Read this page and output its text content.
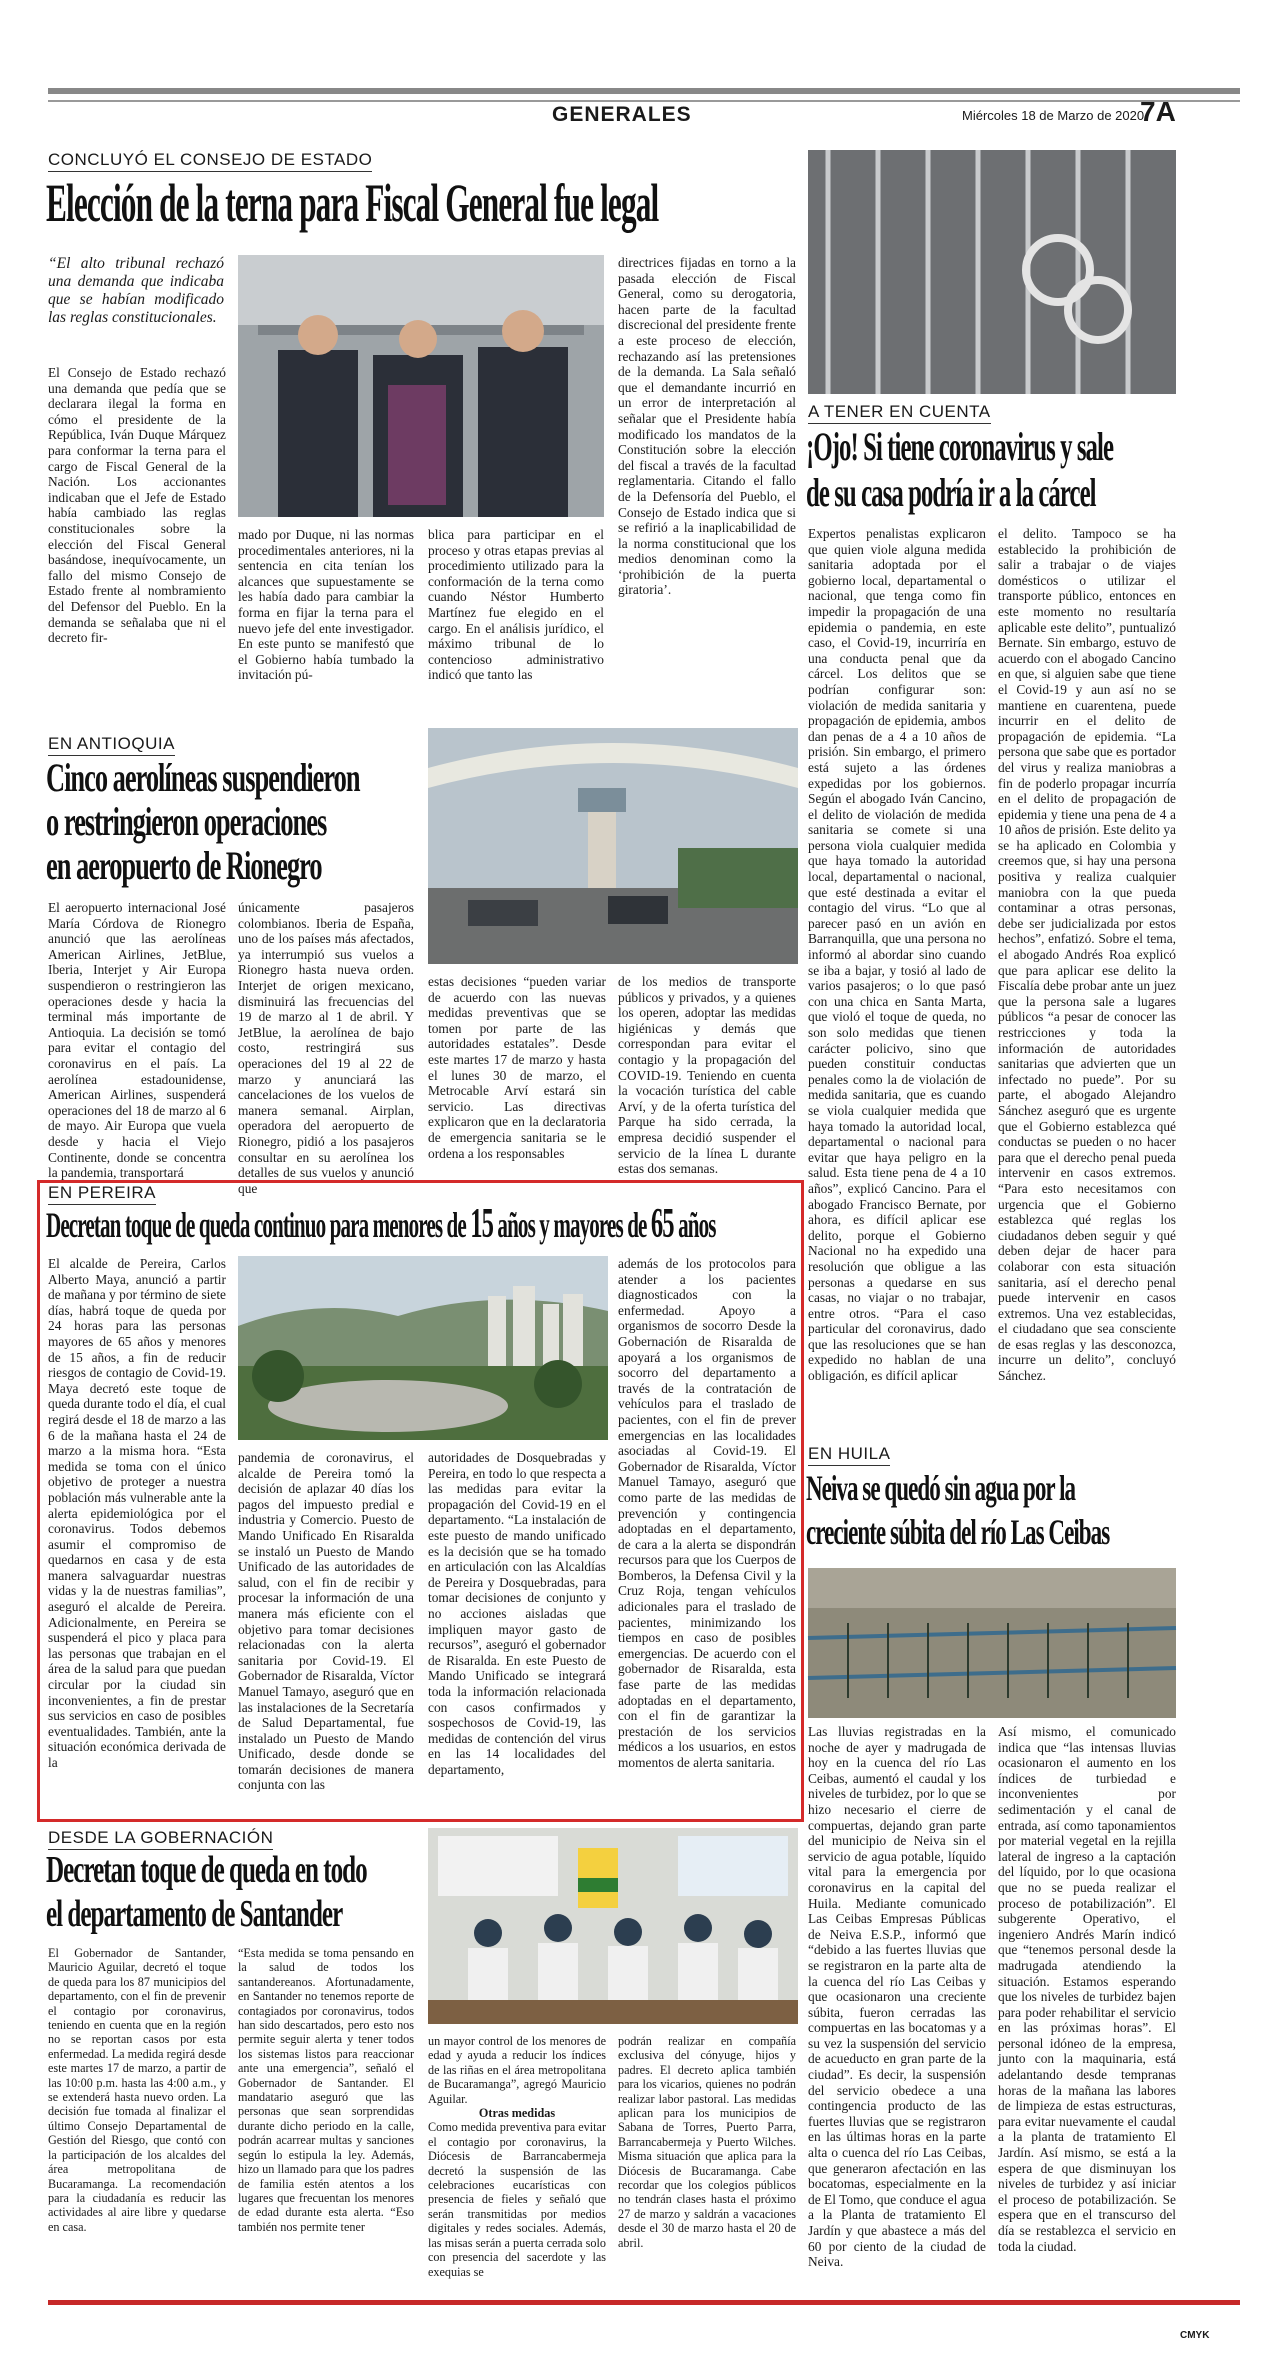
GENERALES	Miércoles 18 de Marzo de 2020
7A
CONCLUYÓ EL CONSEJO DE ESTADO
Elección de la terna para Fiscal General fue legal
“El alto tribunal rechazó una demanda que indicaba que se habían modificado las reglas constitucionales.
El Consejo de Estado rechazó una demanda que pedía que se declarara ilegal la forma en cómo el presidente de la República, Iván Duque Márquez para conformar la terna para el cargo de Fiscal General de la Nación. Los accionantes indicaban que el Jefe de Estado había cambiado las reglas constitucionales sobre la elección del Fiscal General basándose, inequívocamente, un fallo del mismo Consejo de Estado frente al nombramiento del Defensor del Pueblo. En la demanda se señalaba que ni el decreto fir-
mado por Duque, ni las normas procedimentales anteriores, ni la sentencia en cita tenían los alcances que supuestamente se les había dado para cambiar la forma en fijar la terna para el nuevo jefe del ente investigador. En este punto se manifestó que el Gobierno había tumbado la invitación pú-
blica para participar en el proceso y otras etapas previas al procedimiento utilizado para la conformación de la terna como cuando Néstor Humberto Martínez fue elegido en el cargo. En el análisis jurídico, el máximo tribunal de lo contencioso administrativo indicó que tanto las
directrices fijadas en torno a la pasada elección de Fiscal General, como su derogatoria, hacen parte de la facultad discrecional del presidente frente a este proceso de elección, rechazando así las pretensiones de la demanda. La Sala señaló que el demandante incurrió en un error de interpretación al señalar que el Presidente había modificado los mandatos de la Constitución sobre la elección del fiscal a través de la facultad reglamentaria. Citando el fallo de la Defensoría del Pueblo, el Consejo de Estado indica que si se refirió a la inaplicabilidad de la norma constitucional que los medios denominan como la ‘prohibición de la puerta giratoria’.
EN ANTIOQUIA
Cinco aerolíneas suspendieron
o restringieron operaciones
en aeropuerto de Rionegro
El aeropuerto internacional José María Córdova de Rionegro anunció que las aerolíneas American Airlines, JetBlue, Iberia, Interjet y Air Europa suspendieron o restringieron las operaciones desde y hacia la terminal más importante de Antioquia. La decisión se tomó para evitar el contagio del coronavirus en el país. La aerolínea estadounidense, American Airlines, suspenderá operaciones del 18 de marzo al 6 de mayo. Air Europa que vuela desde y hacia el Viejo Continente, donde se concentra la pandemia, transportará
únicamente pasajeros colombianos. Iberia de España, uno de los países más afectados, ya interrumpió sus vuelos a Rionegro hasta nueva orden. Interjet de origen mexicano, disminuirá las frecuencias del 19 de marzo al 1 de abril. Y JetBlue, la aerolínea de bajo costo, restringirá sus operaciones del 19 al 22 de marzo y anunciará las cancelaciones de los vuelos de manera semanal. Airplan, operadora del aeropuerto de Rionegro, pidió a los pasajeros consultar en su aerolínea los detalles de sus vuelos y anunció que
estas decisiones “pueden variar de acuerdo con las nuevas medidas preventivas que se tomen por parte de las autoridades estatales”. Desde este martes 17 de marzo y hasta el lunes 30 de marzo, el Metrocable Arví estará sin servicio. Las directivas explicaron que en la declaratoria de emergencia sanitaria se le ordena a los responsables
de los medios de transporte públicos y privados, y a quienes los operen, adoptar las medidas higiénicas y demás que correspondan para evitar el contagio y la propagación del COVID-19. Teniendo en cuenta la vocación turística del cable Arví, y de la oferta turística del Parque ha sido cerrada, la empresa decidió suspender el servicio de la línea L durante estas dos semanas.
EN PEREIRA
Decretan toque de queda continuo para menores de 15 años y mayores de 65 años
El alcalde de Pereira, Carlos Alberto Maya, anunció a partir de mañana y por término de siete días, habrá toque de queda por 24 horas para las personas mayores de 65 años y menores de 15 años, a fin de reducir riesgos de contagio de Covid-19. Maya decretó este toque de queda durante todo el día, el cual regirá desde el 18 de marzo a las 6 de la mañana hasta el 24 de marzo a la misma hora. “Esta medida se toma con el único objetivo de proteger a nuestra población más vulnerable ante la alerta epidemiológica por el coronavirus. Todos debemos asumir el compromiso de quedarnos en casa y de esta manera salvaguardar nuestras vidas y la de nuestras familias”, aseguró el alcalde de Pereira. Adicionalmente, en Pereira se suspenderá el pico y placa para las personas que trabajan en el área de la salud para que puedan circular por la ciudad sin inconvenientes, a fin de prestar sus servicios en caso de posibles eventualidades. También, ante la situación económica derivada de la
pandemia de coronavirus, el alcalde de Pereira tomó la decisión de aplazar 40 días los pagos del impuesto predial e industria y Comercio. Puesto de Mando Unificado En Risaralda se instaló un Puesto de Mando Unificado de las autoridades de salud, con el fin de recibir y procesar la información de una manera más eficiente con el objetivo para tomar decisiones relacionadas con la alerta sanitaria por Covid-19. El Gobernador de Risaralda, Víctor Manuel Tamayo, aseguró que en las instalaciones de la Secretaría de Salud Departamental, fue instalado un Puesto de Mando Unificado, desde donde se tomarán decisiones de manera conjunta con las
autoridades de Dosquebradas y Pereira, en todo lo que respecta a las medidas para evitar la propagación del Covid-19 en el departamento. “La instalación de este puesto de mando unificado es la decisión que se ha tomado en articulación con las Alcaldías de Pereira y Dosquebradas, para tomar decisiones de conjunto y no acciones aisladas que impliquen mayor gasto de recursos”, aseguró el gobernador de Risaralda. En este Puesto de Mando Unificado se integrará toda la información relacionada con casos confirmados y sospechosos de Covid-19, las medidas de contención del virus en las 14 localidades del departamento,
además de los protocolos para atender a los pacientes diagnosticados con la enfermedad. Apoyo a organismos de socorro Desde la Gobernación de Risaralda de apoyará a los organismos de socorro del departamento a través de la contratación de vehículos para el traslado de pacientes, con el fin de prever emergencias en las localidades asociadas al Covid-19. El Gobernador de Risaralda, Víctor Manuel Tamayo, aseguró que como parte de las medidas de prevención y contingencia adoptadas en el departamento, de cara a la alerta se dispondrán recursos para que los Cuerpos de Bomberos, la Defensa Civil y la Cruz Roja, tengan vehículos adicionales para el traslado de pacientes, minimizando los tiempos en caso de posibles emergencias. De acuerdo con el gobernador de Risaralda, esta fase parte de las medidas adoptadas en el departamento, con el fin de garantizar la prestación de los servicios médicos a los usuarios, en estos momentos de alerta sanitaria.
A TENER EN CUENTA
¡Ojo! Si tiene coronavirus y sale
de su casa podría ir a la cárcel
Expertos penalistas explicaron que quien viole alguna medida sanitaria adoptada por el gobierno local, departamental o nacional, que tenga como fin impedir la propagación de una epidemia o pandemia, en este caso, el Covid-19, incurriría en una conducta penal que da cárcel. Los delitos que se podrían configurar son: violación de medida sanitaria y propagación de epidemia, ambos dan penas de a 4 a 10 años de prisión. Sin embargo, el primero está sujeto a las órdenes expedidas por los gobiernos. Según el abogado Iván Cancino, el delito de violación de medida sanitaria se comete si una persona viola cualquier medida que haya tomado la autoridad local, departamental o nacional, que esté destinada a evitar el contagio del virus. “Lo que al parecer pasó en un avión en Barranquilla, que una persona no informó al abordar sino cuando se iba a bajar, y tosió al lado de varios pasajeros; o lo que pasó con una chica en Santa Marta, que violó el toque de queda, no son solo medidas que tienen carácter policivo, sino que pueden constituir conductas penales como la de violación de medida sanitaria, que es cuando se viola cualquier medida que haya tomado la autoridad local, departamental o nacional para evitar que haya peligro en la salud. Esta tiene pena de 4 a 10 años”, explicó Cancino. Para el abogado Francisco Bernate, por ahora, es difícil aplicar ese delito, porque el Gobierno Nacional no ha expedido una resolución que obligue a las personas a quedarse en sus casas, no viajar o no trabajar, entre otros. “Para el caso particular del coronavirus, dado que las resoluciones que se han expedido no hablan de una obligación, es difícil aplicar
el delito. Tampoco se ha establecido la prohibición de salir a trabajar o de viajes domésticos o utilizar el transporte público, entonces en este momento no resultaría aplicable este delito”, puntualizó Bernate. Sin embargo, estuvo de acuerdo con el abogado Cancino en que, si alguien sabe que tiene el Covid-19 y aun así no se mantiene en cuarentena, puede incurrir en el delito de propagación de epidemia. “La persona que sabe que es portador del virus y realiza maniobras a fin de poderlo propagar incurría en el delito de propagación de epidemia y tiene una pena de 4 a 10 años de prisión. Este delito ya se ha aplicado en Colombia y creemos que, si hay una persona positiva y realiza cualquier maniobra con la que pueda contaminar a otras personas, debe ser judicializada por estos hechos”, enfatizó. Sobre el tema, el abogado Andrés Roa explicó que para aplicar ese delito la Fiscalía debe probar ante un juez que la persona sale a lugares públicos “a pesar de conocer las restricciones y toda la información de autoridades sanitarias que advierten que un infectado no puede”. Por su parte, el abogado Alejandro Sánchez aseguró que es urgente que el Gobierno establezca qué conductas se pueden o no hacer para que el derecho penal pueda intervenir en casos extremos. “Para esto necesitamos con urgencia que el Gobierno establezca qué reglas los ciudadanos deben seguir y qué deben dejar de hacer para colaborar con esta situación sanitaria, así el derecho penal puede intervenir en casos extremos. Una vez establecidas, el ciudadano que sea consciente de esas reglas y las desconozca, incurre un delito”, concluyó Sánchez.
EN HUILA
Neiva se quedó sin agua por la
creciente súbita del río Las Ceibas
Las lluvias registradas en la noche de ayer y madrugada de hoy en la cuenca del río Las Ceibas, aumentó el caudal y los niveles de turbidez, por lo que se hizo necesario el cierre de compuertas, dejando gran parte del municipio de Neiva sin el servicio de agua potable, líquido vital para la emergencia por coronavirus en la capital del Huila. Mediante comunicado Las Ceibas Empresas Públicas de Neiva E.S.P., informó que “debido a las fuertes lluvias que se registraron en la parte alta de la cuenca del río Las Ceibas y que ocasionaron una creciente súbita, fueron cerradas las compuertas en las bocatomas y a su vez la suspensión del servicio de acueducto en gran parte de la ciudad”. Es decir, la suspensión del servicio obedece a una contingencia producto de las fuertes lluvias que se registraron en las últimas horas en la parte alta o cuenca del río Las Ceibas, que generaron afectación en las bocatomas, especialmente en la de El Tomo, que conduce el agua a la Planta de tratamiento El Jardín y que abastece a más del 60 por ciento de la ciudad de Neiva.
Así mismo, el comunicado indica que “las intensas lluvias ocasionaron el aumento en los índices de turbiedad e inconvenientes por sedimentación y el canal de entrada, así como taponamientos por material vegetal en la rejilla lateral de ingreso a la captación del líquido, por lo que ocasiona que no se pueda realizar el proceso de potabilización”. El subgerente Operativo, el ingeniero Andrés Marín indicó que “tenemos personal desde la madrugada atendiendo la situación. Estamos esperando que los niveles de turbidez bajen para poder rehabilitar el servicio en las próximas horas”. El personal idóneo de la empresa, junto con la maquinaria, está adelantando desde tempranas horas de la mañana las labores de limpieza de estas estructuras, para evitar nuevamente el caudal a la planta de tratamiento El Jardín. Así mismo, se está a la espera de que disminuyan los niveles de turbidez y así iniciar el proceso de potabilización. Se espera que en el transcurso del día se restablezca el servicio en toda la ciudad.
DESDE LA GOBERNACIÓN
Decretan toque de queda en todo
el departamento de Santander
El Gobernador de Santander, Mauricio Aguilar, decretó el toque de queda para los 87 municipios del departamento, con el fin de prevenir el contagio por coronavirus, teniendo en cuenta que en la región no se reportan casos por esta enfermedad. La medida regirá desde este martes 17 de marzo, a partir de las 10:00 p.m. hasta las 4:00 a.m., y se extenderá hasta nuevo orden. La decisión fue tomada al finalizar el último Consejo Departamental de Gestión del Riesgo, que contó con la participación de los alcaldes del área metropolitana de Bucaramanga. La recomendación para la ciudadanía es reducir las actividades al aire libre y quedarse en casa.
“Esta medida se toma pensando en la salud de todos los santandereanos. Afortunadamente, en Santander no tenemos reporte de contagiados por coronavirus, todos han sido descartados, pero esto nos permite seguir alerta y tener todos los sistemas listos para reaccionar ante una emergencia”, señaló el Gobernador de Santander. El mandatario aseguró que las personas que sean sorprendidas durante dicho periodo en la calle, podrán acarrear multas y sanciones según lo estipula la ley. Además, hizo un llamado para que los padres de familia estén atentos a los lugares que frecuentan los menores de edad durante esta alerta. “Eso también nos permite tener
un mayor control de los menores de edad y ayuda a reducir los índices de las riñas en el área metropolitana de Bucaramanga”, agregó Mauricio Aguilar.
Otras medidas
Como medida preventiva para evitar el contagio por coronavirus, la Diócesis de Barrancabermeja decretó la suspensión de las celebraciones eucarísticas con presencia de fieles y señaló que serán transmitidas por medios digitales y redes sociales. Además, las misas serán a puerta cerrada solo con presencia del sacerdote y las exequias se
podrán realizar en compañía exclusiva del cónyuge, hijos y padres. El decreto aplica también para los vicarios, quienes no podrán realizar labor pastoral. Las medidas aplican para los municipios de Sabana de Torres, Puerto Parra, Barrancabermeja y Puerto Wilches. Misma situación que aplica para la Diócesis de Bucaramanga. Cabe recordar que los colegios públicos no tendrán clases hasta el próximo 27 de marzo y saldrán a vacaciones desde el 30 de marzo hasta el 20 de abril.
CMYK
